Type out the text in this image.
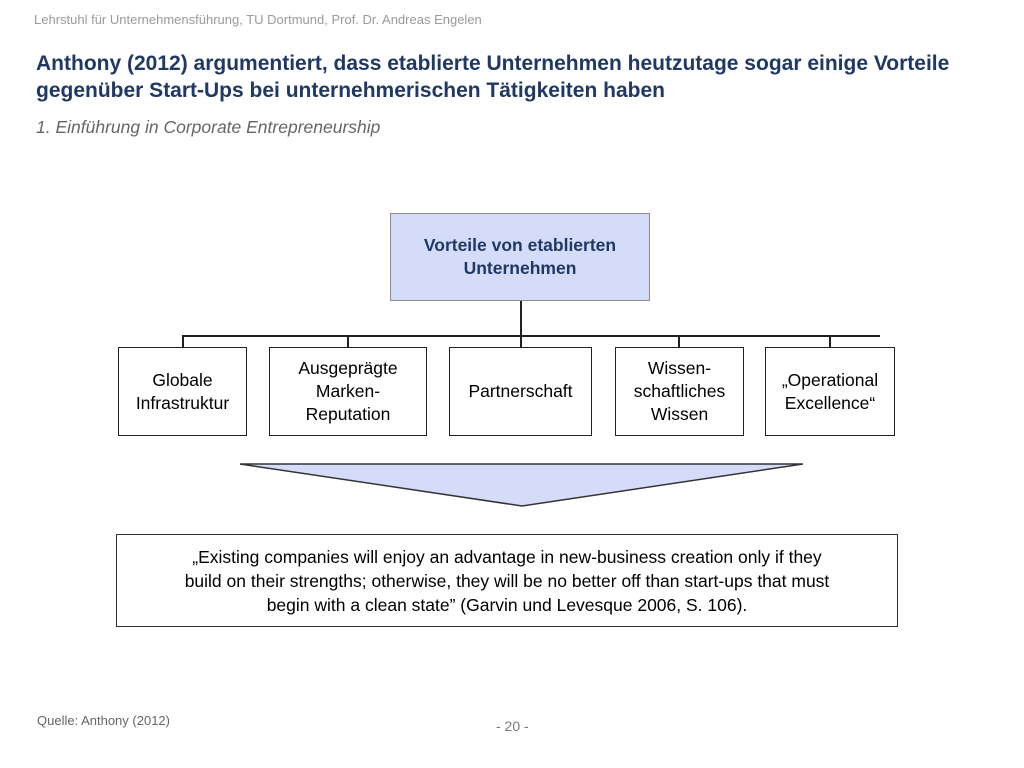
Lehrstuhl für Unternehmensführung, TU Dortmund, Prof. Dr. Andreas Engelen
Anthony (2012) argumentiert, dass etablierte Unternehmen heutzutage sogar einige Vorteile gegenüber Start-Ups bei unternehmerischen Tätigkeiten haben
1. Einführung in Corporate Entrepreneurship
Vorteile von etablierten
Unternehmen
Globale
Infrastruktur
Ausgeprägte
Marken-
Reputation
Partnerschaft
Wissen-
schaftliches
Wissen
„Operational
Excellence“
„Existing companies will enjoy an advantage in new-business creation only if they
build on their strengths; otherwise, they will be no better off than start-ups that must
begin with a clean state” (Garvin und Levesque 2006, S. 106).
Quelle: Anthony (2012)	- 20 -
